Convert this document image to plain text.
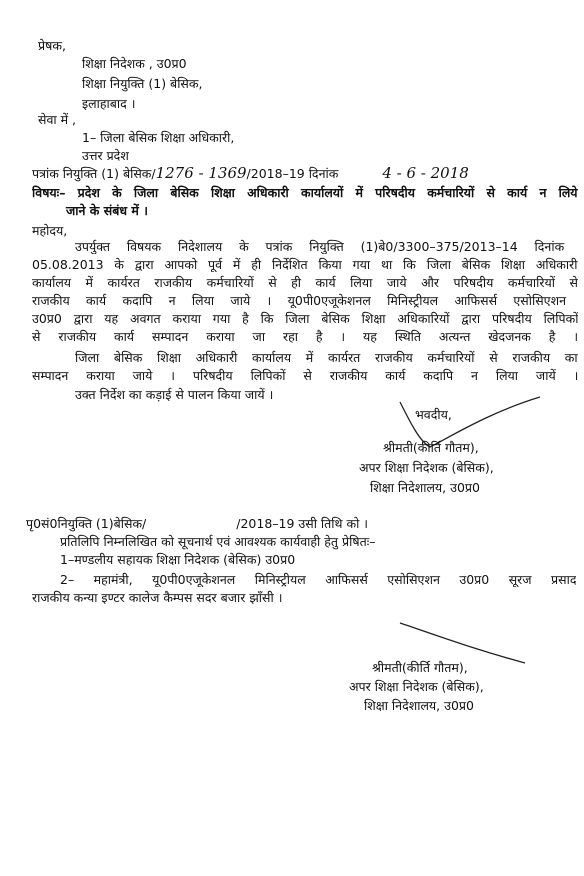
प्रेषक,
शिक्षा निदेशक , उ0प्र0
शिक्षा नियुक्ति (1) बेसिक,
इलाहाबाद ।
सेवा में ,
1– जिला बेसिक शिक्षा अधिकारी,
उत्तर प्रदेश
पत्रांक नियुक्ति (1) बेसिक/1276 - 1369/2018–19 दिनांक	4 - 6 - 2018
विषयः– प्रदेश के जिला बेसिक शिक्षा अधिकारी कार्यालयों में परिषदीय कर्मचारियों से कार्य न लिये
जाने के संबंध में ।
महोदय,
उपर्युक्त विषयक निदेशालय के पत्रांक नियुक्ति (1)बे0/3300–375/2013–14 दिनांक
05.08.2013 के द्वारा आपको पूर्व में ही निर्देशित किया गया था कि जिला बेसिक शिक्षा अधिकारी
कार्यालय में कार्यरत राजकीय कर्मचारियों से ही कार्य लिया जाये और परिषदीय कर्मचारियों से
राजकीय कार्य कदापि न लिया जाये । यू0पी0एजूकेशनल मिनिस्ट्रीयल आफिसर्स एसोसिएशन
उ0प्र0 द्वारा यह अवगत कराया गया है कि जिला बेसिक शिक्षा अधिकारियों द्वारा परिषदीय लिपिकों
से राजकीय कार्य सम्पादन कराया जा रहा है । यह स्थिति अत्यन्त खेदजनक है ।
जिला बेसिक शिक्षा अधिकारी कार्यालय में कार्यरत राजकीय कर्मचारियों से राजकीय का
सम्पादन कराया जाये । परिषदीय लिपिकों से राजकीय कार्य कदापि न लिया जायें ।
उक्त निर्देश का कड़ाई से पालन किया जायें ।
भवदीय,
श्रीमती(कीर्ति गौतम),
अपर शिक्षा निदेशक (बेसिक),
शिक्षा निदेशालय, उ0प्र0
पृ0सं0नियुक्ति (1)बेसिक/	/2018–19 उसी तिथि को ।
प्रतिलिपि निम्नलिखित को सूचनार्थ एवं आवश्यक कार्यवाही हेतु प्रेषितः–
1–मण्डलीय सहायक शिक्षा निदेशक (बेसिक) उ0प्र0
2– महामंत्री, यू0पी0एजूकेशनल मिनिस्ट्रीयल आफिसर्स एसोसिएशन उ0प्र0 सूरज प्रसाद
राजकीय कन्या इण्टर कालेज कैम्पस सदर बजार झाँसी ।
श्रीमती(कीर्ति गौतम),
अपर शिक्षा निदेशक (बेसिक),
शिक्षा निदेशालय, उ0प्र0
